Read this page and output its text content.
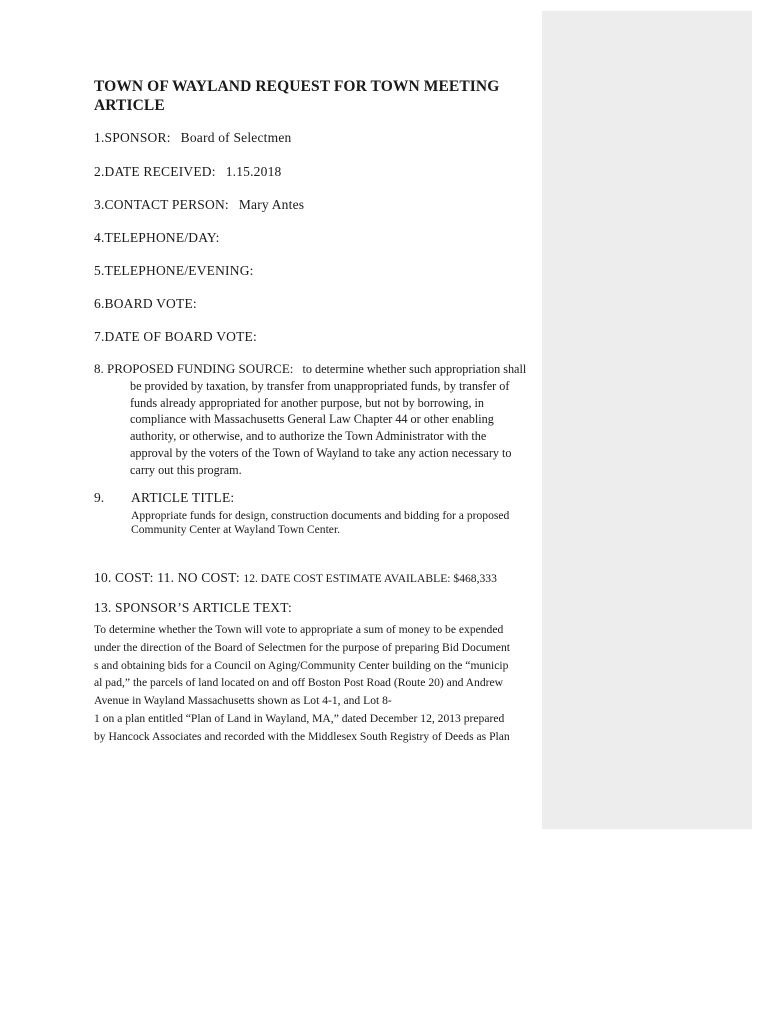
TOWN OF WAYLAND REQUEST FOR TOWN MEETING ARTICLE
1.SPONSOR: Board of Selectmen
2.DATE RECEIVED: 1.15.2018
3.CONTACT PERSON: Mary Antes
4.TELEPHONE/DAY:
5.TELEPHONE/EVENING:
6.BOARD VOTE:
7.DATE OF BOARD VOTE:
8. PROPOSED FUNDING SOURCE: to determine whether such appropriation shall
be provided by taxation, by transfer from unappropriated funds, by transfer of
funds already appropriated for another purpose, but not by borrowing, in
compliance with Massachusetts General Law Chapter 44 or other enabling
authority, or otherwise, and to authorize the Town Administrator with the
approval by the voters of the Town of Wayland to take any action necessary to
carry out this program.
9. ARTICLE TITLE:
Appropriate funds for design, construction documents and bidding for a proposed Community Center at Wayland Town Center.
10. COST: 11. NO COST: 12. DATE COST ESTIMATE AVAILABLE: $468,333
13. SPONSOR’S ARTICLE TEXT:
To determine whether the Town will vote to appropriate a sum of money to be expended
under the direction of the Board of Selectmen for the purpose of preparing Bid Document
s and obtaining bids for a Council on Aging/Community Center building on the “municip
al pad,” the parcels of land located on and off Boston Post Road (Route 20) and Andrew
Avenue in Wayland Massachusetts shown as Lot 4-1, and Lot 8-
1 on a plan entitled “Plan of Land in Wayland, MA,” dated December 12, 2013 prepared
by Hancock Associates and recorded with the Middlesex South Registry of Deeds as Plan
